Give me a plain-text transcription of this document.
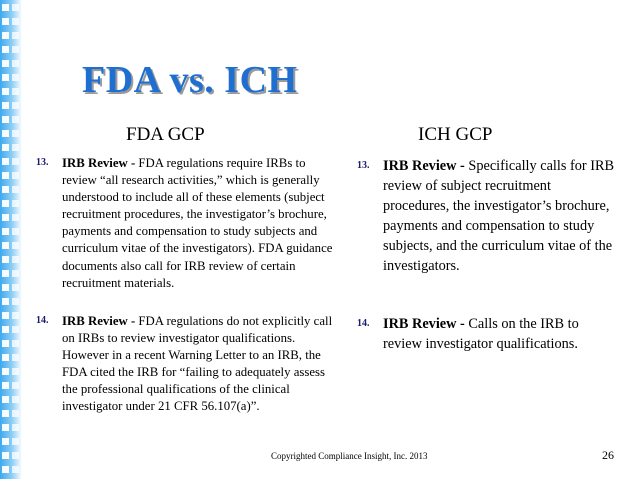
FDA vs. ICH
FDA GCP	ICH GCP
13. IRB Review - FDA regulations require IRBs to review “all research activities,” which is generally understood to include all of these elements (subject recruitment procedures, the investigator’s brochure, payments and compensation to study subjects and curriculum vitae of the investigators). FDA guidance documents also call for IRB review of certain recruitment materials.
14. IRB Review - FDA regulations do not explicitly call on IRBs to review investigator qualifications. However in a recent Warning Letter to an IRB, the FDA cited the IRB for “failing to adequately assess the professional qualifications of the clinical investigator under 21 CFR 56.107(a)”.
13. IRB Review - Specifically calls for IRB review of subject recruitment procedures, the investigator’s brochure, payments and compensation to study subjects, and the curriculum vitae of the investigators.
14. IRB Review - Calls on the IRB to review investigator qualifications.
Copyrighted Compliance Insight, Inc. 2013	26
